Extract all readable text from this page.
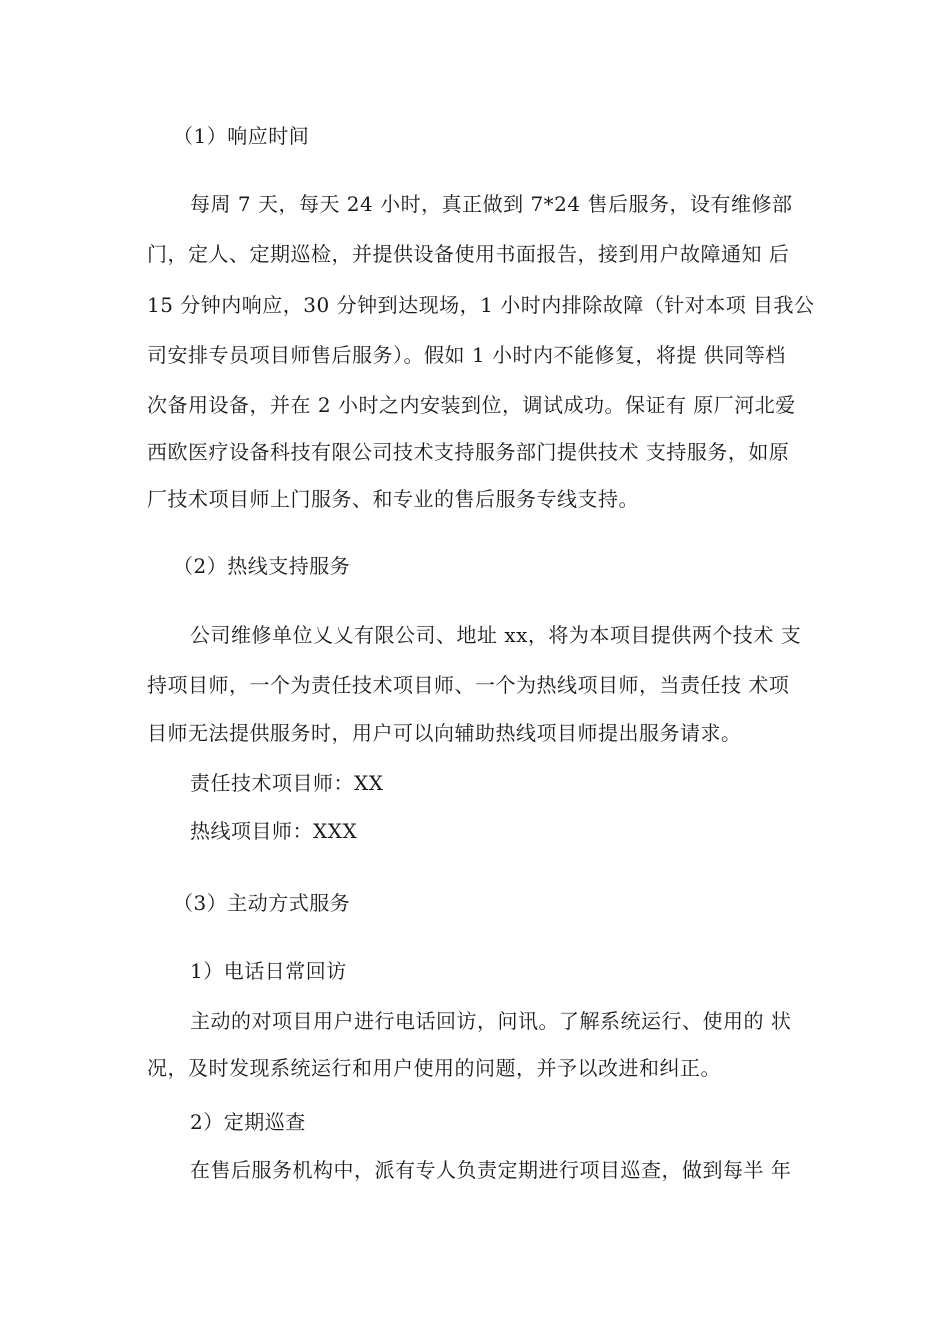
（1）响应时间
每周 7 天，每天 24 小时，真正做到 7*24 售后服务，设有维修部
门，定人、定期巡检，并提供设备使用书面报告，接到用户故障通知 后
15 分钟内响应，30 分钟到达现场，1 小时内排除故障（针对本项 目我公
司安排专员项目师售后服务）。假如 1 小时内不能修复，将提 供同等档
次备用设备，并在 2 小时之内安装到位，调试成功。保证有 原厂河北爱
西欧医疗设备科技有限公司技术支持服务部门提供技术 支持服务，如原
厂技术项目师上门服务、和专业的售后服务专线支持。
（2）热线支持服务
公司维修单位乂乂有限公司、地址 xx，将为本项目提供两个技术 支
持项目师，一个为责任技术项目师、一个为热线项目师，当责任技 术项
目师无法提供服务时，用户可以向辅助热线项目师提出服务请求。
责任技术项目师：XX
热线项目师：XXX
（3）主动方式服务
1）电话日常回访
主动的对项目用户进行电话回访，问讯。了解系统运行、使用的 状
况，及时发现系统运行和用户使用的问题，并予以改进和纠正。
2）定期巡查
在售后服务机构中，派有专人负责定期进行项目巡查，做到每半 年
